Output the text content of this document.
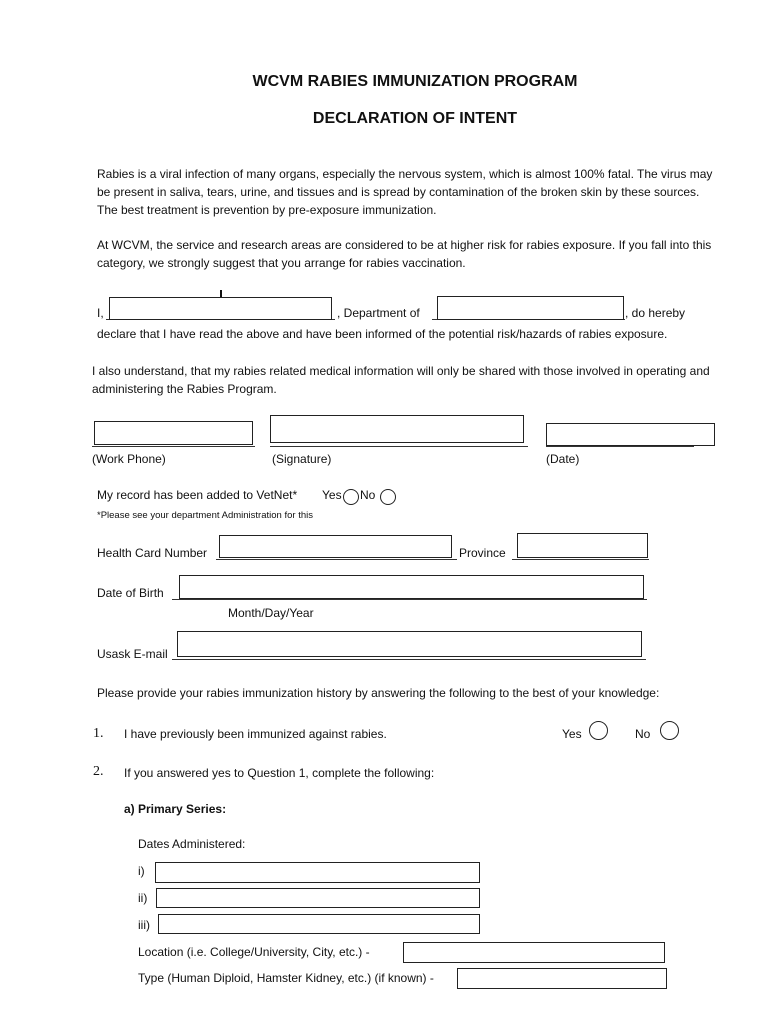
WCVM RABIES IMMUNIZATION PROGRAM
DECLARATION OF INTENT
Rabies is a viral infection of many organs, especially the nervous system, which is almost 100% fatal. The virus may be present in saliva, tears, urine, and tissues and is spread by contamination of the broken skin by these sources. The best treatment is prevention by pre-exposure immunization.
At WCVM, the service and research areas are considered to be at higher risk for rabies exposure. If you fall into this category, we strongly suggest that you arrange for rabies vaccination.
I,	, Department of	, do hereby
declare that I have read the above and have been informed of the potential risk/hazards of rabies exposure.
I also understand, that my rabies related medical information will only be shared with those involved in operating and administering the Rabies Program.
(Work Phone)	(Signature)	(Date)
My record has been added to VetNet* Yes No
*Please see your department Administration for this
Health Card Number	Province
Date of Birth
Month/Day/Year
Usask E-mail
Please provide your rabies immunization history by answering the following to the best of your knowledge:
1. I have previously been immunized against rabies.	Yes	No
2. If you answered yes to Question 1, complete the following:
a) Primary Series:
Dates Administered:
i)
ii)
iii)
Location (i.e. College/University, City, etc.) -
Type (Human Diploid, Hamster Kidney, etc.) (if known) -
